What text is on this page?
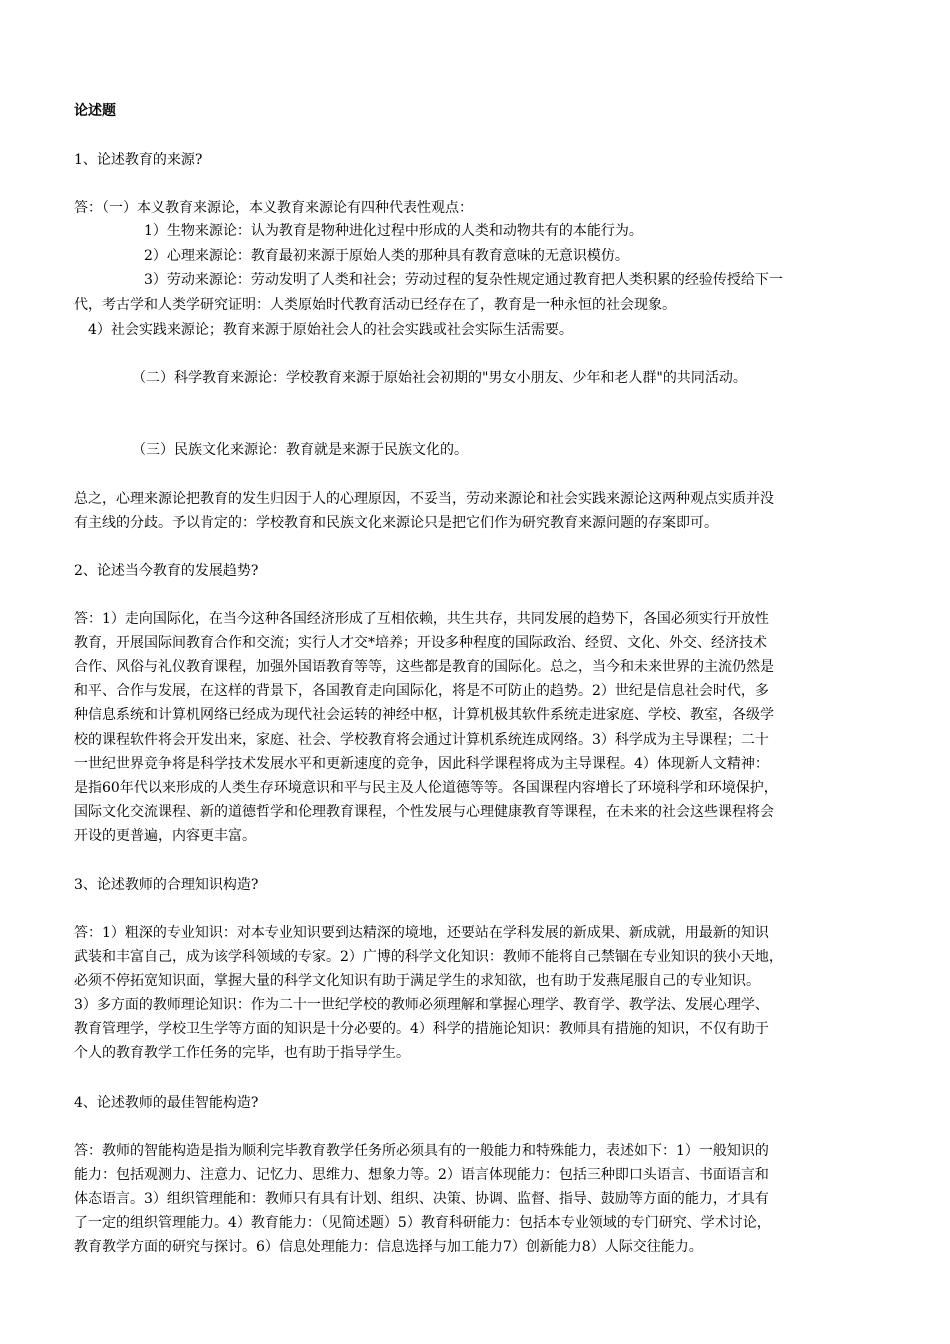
论述题
1、论述教育的来源?
答：（一）本义教育来源论，本义教育来源论有四种代表性观点：
1）生物来源论：认为教育是物种进化过程中形成的人类和动物共有的本能行为。
2）心理来源论：教育最初来源于原始人类的那种具有教育意味的无意识模仿。
3）劳动来源论：劳动发明了人类和社会；劳动过程的复杂性规定通过教育把人类积累的经验传授给下一
代，考古学和人类学研究证明：人类原始时代教育活动已经存在了，教育是一种永恒的社会现象。
4）社会实践来源论；教育来源于原始社会人的社会实践或社会实际生活需要。
（二）科学教育来源论：学校教育来源于原始社会初期的"男女小朋友、少年和老人群"的共同活动。
（三）民族文化来源论：教育就是来源于民族文化的。
总之，心理来源论把教育的发生归因于人的心理原因，不妥当，劳动来源论和社会实践来源论这两种观点实质并没
有主线的分歧。予以肯定的：学校教育和民族文化来源论只是把它们作为研究教育来源问题的存案即可。
2、论述当今教育的发展趋势?
答：1）走向国际化，在当今这种各国经济形成了互相依赖，共生共存，共同发展的趋势下，各国必须实行开放性
教育，开展国际间教育合作和交流；实行人才交*培养；开设多种程度的国际政治、经贸、文化、外交、经济技术
合作、风俗与礼仪教育课程，加强外国语教育等等，这些都是教育的国际化。总之，当今和未来世界的主流仍然是
和平、合作与发展，在这样的背景下，各国教育走向国际化，将是不可防止的趋势。2）世纪是信息社会时代，多
种信息系统和计算机网络已经成为现代社会运转的神经中枢，计算机极其软件系统走进家庭、学校、教室，各级学
校的课程软件将会开发出来，家庭、社会、学校教育将会通过计算机系统连成网络。3）科学成为主导课程；二十
一世纪世界竞争将是科学技术发展水平和更新速度的竞争，因此科学课程将成为主导课程。4）体现新人文精神：
是指60年代以来形成的人类生存环境意识和平与民主及人伦道德等等。各国课程内容增长了环境科学和环境保护，
国际文化交流课程、新的道德哲学和伦理教育课程，个性发展与心理健康教育等课程，在未来的社会这些课程将会
开设的更普遍，内容更丰富。
3、论述教师的合理知识构造?
答：1）粗深的专业知识：对本专业知识要到达精深的境地，还要站在学科发展的新成果、新成就，用最新的知识
武装和丰富自己，成为该学科领域的专家。2）广博的科学文化知识：教师不能将自己禁锢在专业知识的狭小天地，
必须不停拓宽知识面，掌握大量的科学文化知识有助于满足学生的求知欲，也有助于发燕尾服自己的专业知识。
3）多方面的教师理论知识：作为二十一世纪学校的教师必须理解和掌握心理学、教育学、教学法、发展心理学、
教育管理学，学校卫生学等方面的知识是十分必要的。4）科学的措施论知识：教师具有措施的知识，不仅有助于
个人的教育教学工作任务的完毕，也有助于指导学生。
4、论述教师的最佳智能构造?
答：教师的智能构造是指为顺利完毕教育教学任务所必须具有的一般能力和特殊能力，表述如下：1）一般知识的
能力：包括观测力、注意力、记忆力、思维力、想象力等。2）语言体现能力：包括三种即口头语言、书面语言和
体态语言。3）组织管理能和：教师只有具有计划、组织、决策、协调、监督、指导、鼓励等方面的能力，才具有
了一定的组织管理能力。4）教育能力：（见简述题）5）教育科研能力：包括本专业领域的专门研究、学术讨论，
教育教学方面的研究与探讨。6）信息处理能力：信息选择与加工能力7）创新能力8）人际交往能力。
